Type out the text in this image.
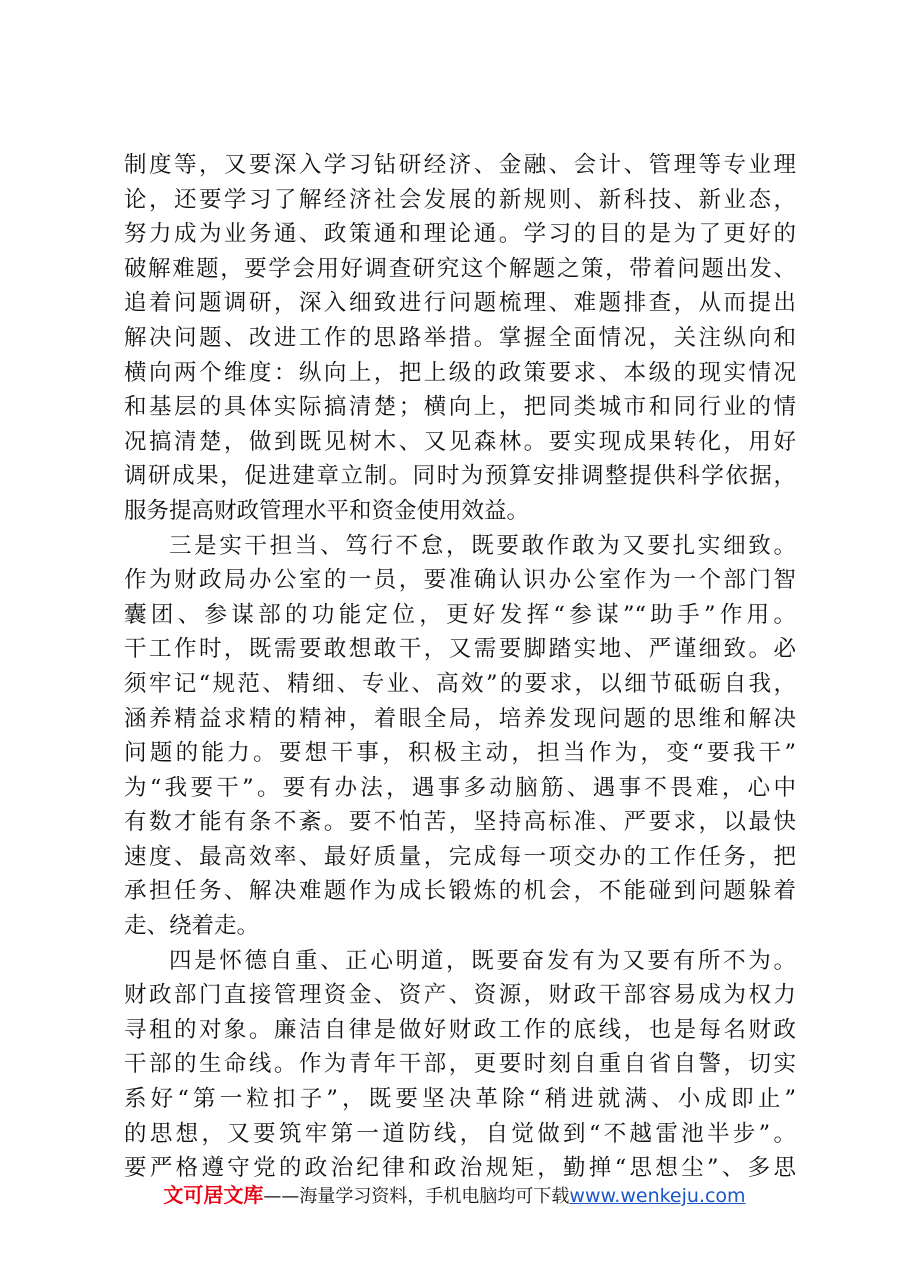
制度等，又要深入学习钻研经济、金融、会计、管理等专业理
论，还要学习了解经济社会发展的新规则、新科技、新业态，
努力成为业务通、政策通和理论通。学习的目的是为了更好的
破解难题，要学会用好调查研究这个解题之策，带着问题出发、
追着问题调研，深入细致进行问题梳理、难题排查，从而提出
解决问题、改进工作的思路举措。掌握全面情况，关注纵向和
横向两个维度：纵向上，把上级的政策要求、本级的现实情况
和基层的具体实际搞清楚；横向上，把同类城市和同行业的情
况搞清楚，做到既见树木、又见森林。要实现成果转化，用好
调研成果，促进建章立制。同时为预算安排调整提供科学依据，
服务提高财政管理水平和资金使用效益。
三是实干担当、笃行不怠，既要敢作敢为又要扎实细致。
作为财政局办公室的一员，要准确认识办公室作为一个部门智
囊团、参谋部的功能定位，更好发挥“参谋”“助手”作用。
干工作时，既需要敢想敢干，又需要脚踏实地、严谨细致。必
须牢记“规范、精细、专业、高效”的要求，以细节砥砺自我，
涵养精益求精的精神，着眼全局，培养发现问题的思维和解决
问题的能力。要想干事，积极主动，担当作为，变“要我干”
为“我要干”。要有办法，遇事多动脑筋、遇事不畏难，心中
有数才能有条不紊。要不怕苦，坚持高标准、严要求，以最快
速度、最高效率、最好质量，完成每一项交办的工作任务，把
承担任务、解决难题作为成长锻炼的机会，不能碰到问题躲着
走、绕着走。
四是怀德自重、正心明道，既要奋发有为又要有所不为。
财政部门直接管理资金、资产、资源，财政干部容易成为权力
寻租的对象。廉洁自律是做好财政工作的底线，也是每名财政
干部的生命线。作为青年干部，更要时刻自重自省自警，切实
系好“第一粒扣子”，既要坚决革除“稍进就满、小成即止”
的思想，又要筑牢第一道防线，自觉做到“不越雷池半步”。
要严格遵守党的政治纪律和政治规矩，勤掸“思想尘”、多思
文可居文库——海量学习资料，手机电脑均可下载www.wenkeju.com
